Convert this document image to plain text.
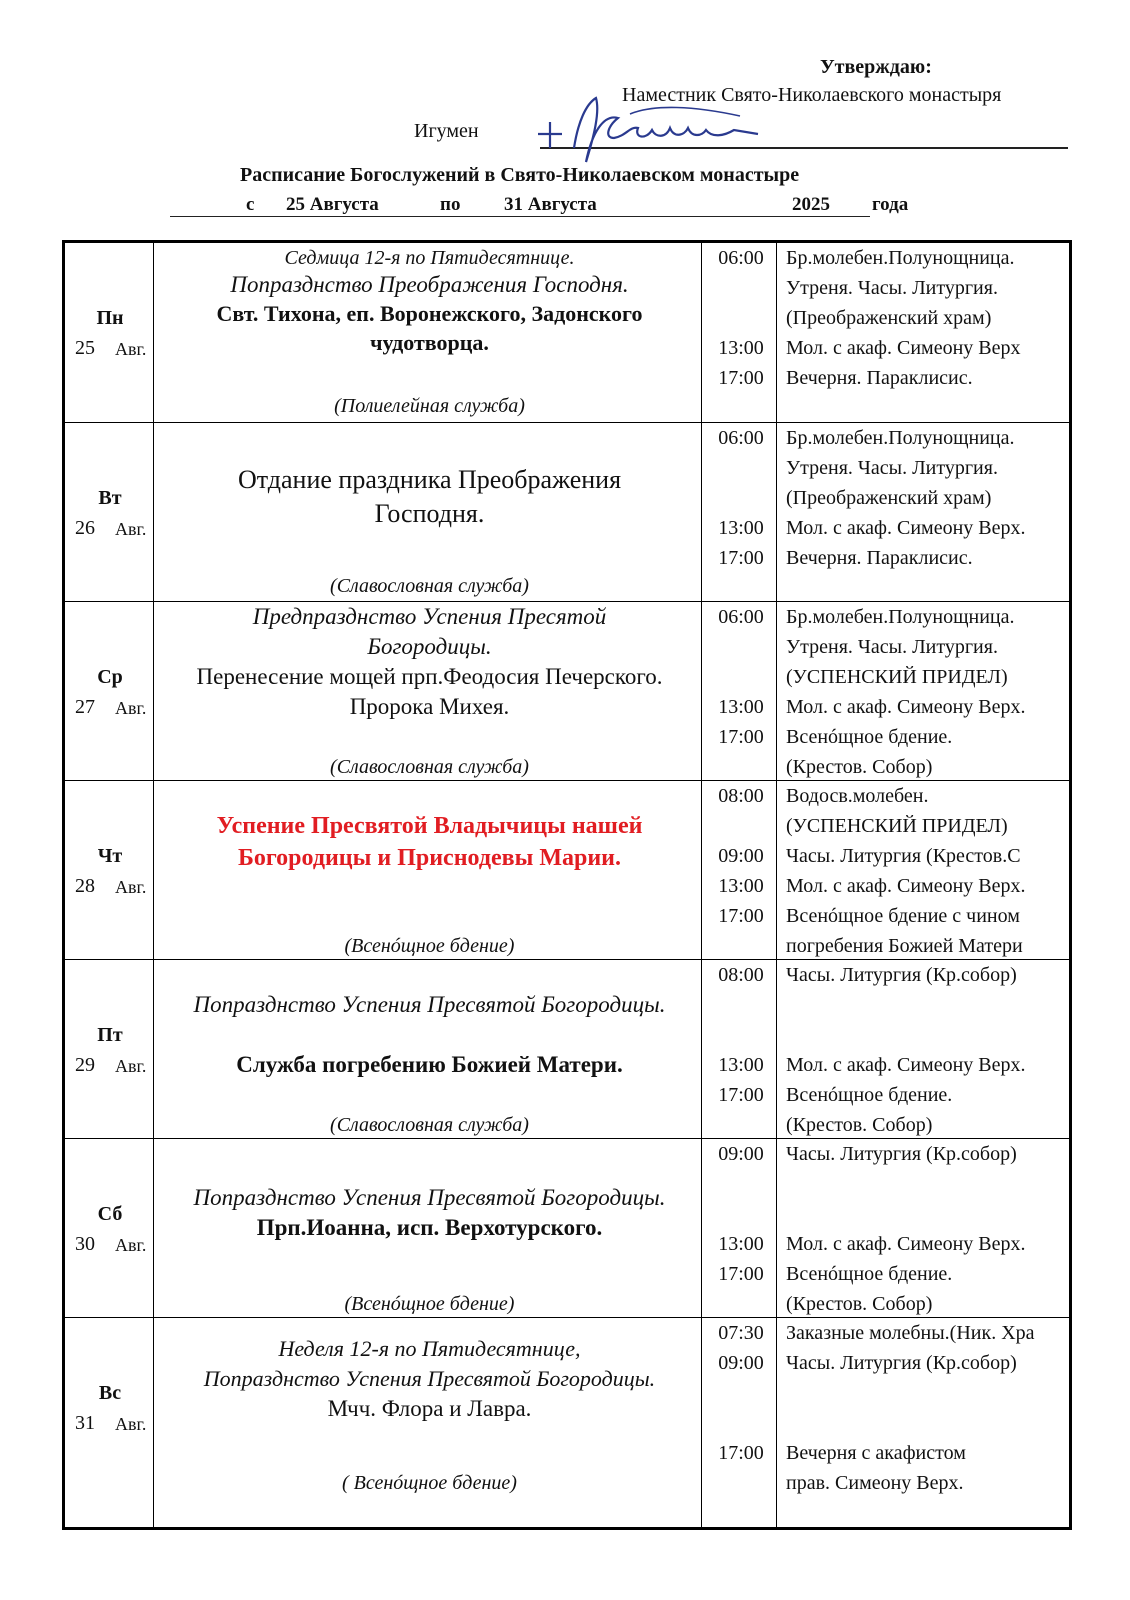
Утверждаю:
Наместник Свято-Николаевского монастыря
Игумен
Расписание Богослужений в Свято-Николаевском монастыре
с 25 Августа	по 31 Августа	2025 года
Пн
25 Авг.
Седмица 12-я по Пятидесятнице.
Попразднство Преображения Господня.
Свт. Тихона, еп. Воронежского, Задонского
чудотворца.
(Полиелейная служба)
06:00
13:00
17:00
Бр.молебен.Полунощница.
Утреня. Часы. Литургия.
(Преображенский храм)
Мол. с акаф. Симеону Верх
Вечерня. Параклисис.
Вт
26 Авг.
Отдание праздника Преображения
Господня.
(Славословная служба)
06:00
13:00
17:00
Бр.молебен.Полунощница.
Утреня. Часы. Литургия.
(Преображенский храм)
Мол. с акаф. Симеону Верх.
Вечерня. Параклисис.
Ср
27 Авг.
Предпразднство Успения Пресятой
Богородицы.
Перенесение мощей прп.Феодосия Печерского.
Пророка Михея.
(Славословная служба)
06:00
13:00
17:00
Бр.молебен.Полунощница.
Утреня. Часы. Литургия.
(УСПЕНСКИЙ ПРИДЕЛ)
Мол. с акаф. Симеону Верх.
Всенóщное бдение.
(Крестов. Собор)
Чт
28 Авг.
Успение Пресвятой Владычицы нашей
Богородицы и Приснодевы Марии.
(Всенóщное бдение)
08:00
09:00
13:00
17:00
Водосв.молебен.
(УСПЕНСКИЙ ПРИДЕЛ)
Часы. Литургия (Крестов.С
Мол. с акаф. Симеону Верх.
Всенóщное бдение с чином
погребения Божией Матери
Пт
29 Авг.
Попразднство Успения Пресвятой Богородицы.
Служба погребению Божией Матери.
(Славословная служба)
08:00
13:00
17:00
Часы. Литургия (Кр.собор)
Мол. с акаф. Симеону Верх.
Всенóщное бдение.
(Крестов. Собор)
Сб
30 Авг.
Попразднство Успения Пресвятой Богородицы.
Прп.Иоанна, исп. Верхотурского.
(Всенóщное бдение)
09:00
13:00
17:00
Часы. Литургия (Кр.собор)
Мол. с акаф. Симеону Верх.
Всенóщное бдение.
(Крестов. Собор)
Вс
31 Авг.
Неделя 12-я по Пятидесятнице,
Попразднство Успения Пресвятой Богородицы.
Мчч. Флора и Лавра.
( Всенóщное бдение)
07:30
09:00
17:00
Заказные молебны.(Ник. Хра
Часы. Литургия (Кр.собор)
Вечерня с акафистом
прав. Симеону Верх.
